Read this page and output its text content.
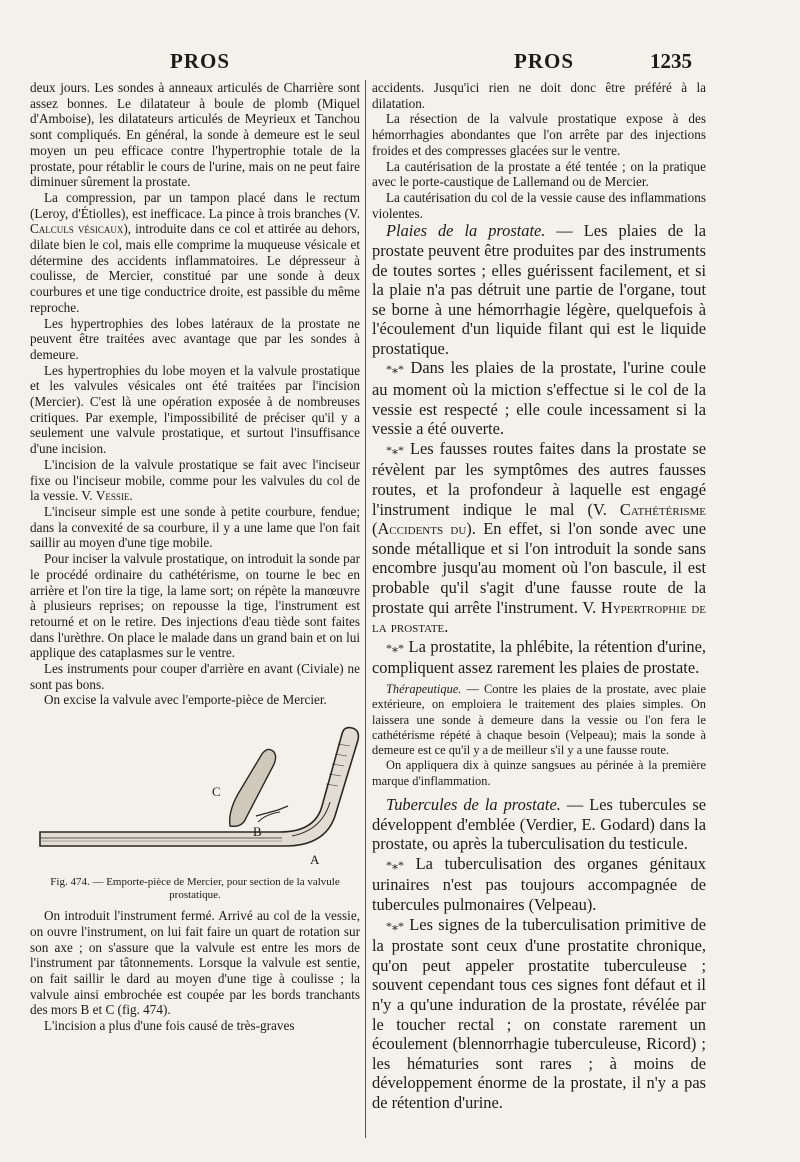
PROS	PROS	1235

deux jours. Les sondes à anneaux articulés de Charrière sont assez bonnes. Le dilatateur à boule de plomb (Miquel d'Amboise), les dilatateurs articulés de Meyrieux et Tanchou sont compliqués. En général, la sonde à demeure est le seul moyen un peu efficace contre l'hypertrophie totale de la prostate, pour rétablir le cours de l'urine, mais on ne peut faire diminuer sûrement la prostate.

La compression, par un tampon placé dans le rectum (Leroy, d'Étiolles), est inefficace. La pince à trois branches (V. Calculs vésicaux), introduite dans ce col et attirée au dehors, dilate bien le col, mais elle comprime la muqueuse vésicale et détermine des accidents inflammatoires. Le dépresseur à coulisse, de Mercier, constitué par une sonde à deux courbures et une tige conductrice droite, est passible du même reproche.

Les hypertrophies des lobes latéraux de la prostate ne peuvent être traitées avec avantage que par les sondes à demeure.

Les hypertrophies du lobe moyen et la valvule prostatique et les valvules vésicales ont été traitées par l'incision (Mercier). C'est là une opération exposée à de nombreuses critiques. Par exemple, l'impossibilité de préciser qu'il y a seulement une valvule prostatique, et surtout l'insuffisance d'une incision.

L'incision de la valvule prostatique se fait avec l'inciseur fixe ou l'inciseur mobile, comme pour les valvules du col de la vessie. V. Vessie.

L'inciseur simple est une sonde à petite courbure, fendue; dans la convexité de sa courbure, il y a une lame que l'on fait saillir au moyen d'une tige mobile.

Pour inciser la valvule prostatique, on introduit la sonde par le procédé ordinaire du cathétérisme, on tourne le bec en arrière et l'on tire la tige, la lame sort; on répète la manœuvre à plusieurs reprises; on repousse la tige, l'instrument est retourné et on le retire. Des injections d'eau tiède sont faites dans l'urèthre. On place le malade dans un grand bain et on lui applique des cataplasmes sur le ventre.

Les instruments pour couper d'arrière en avant (Civiale) ne sont pas bons.

On excise la valvule avec l'emporte-pièce de Mercier.

C
B
A
Fig. 474. — Emporte-pièce de Mercier, pour section de la valvule prostatique.

On introduit l'instrument fermé. Arrivé au col de la vessie, on ouvre l'instrument, on lui fait faire un quart de rotation sur son axe ; on s'assure que la valvule est entre les mors de l'instrument par tâtonnements. Lorsque la valvule est sentie, on fait saillir le dard au moyen d'une tige à coulisse ; la valvule ainsi embrochée est coupée par les bords tranchants des mors B et C (fig. 474).

L'incision a plus d'une fois causé de très-graves

accidents. Jusqu'ici rien ne doit donc être préféré à la dilatation.

La résection de la valvule prostatique expose à des hémorrhagies abondantes que l'on arrête par des injections froides et des compresses glacées sur le ventre.

La cautérisation de la prostate a été tentée ; on la pratique avec le porte-caustique de Lallemand ou de Mercier.

La cautérisation du col de la vessie cause des inflammations violentes.

Plaies de la prostate. — Les plaies de la prostate peuvent être produites par des instruments de toutes sortes ; elles guérissent facilement, et si la plaie n'a pas détruit une partie de l'organe, tout se borne à une hémorrhagie légère, quelquefois à l'écoulement d'un liquide filant qui est le liquide prostatique.

*⁎* Dans les plaies de la prostate, l'urine coule au moment où la miction s'effectue si le col de la vessie est respecté ; elle coule incessament si la vessie a été ouverte.

*⁎* Les fausses routes faites dans la prostate se révèlent par les symptômes des autres fausses routes, et la profondeur à laquelle est engagé l'instrument indique le mal (V. Cathétérisme (Accidents du). En effet, si l'on sonde avec une sonde métallique et si l'on introduit la sonde sans encombre jusqu'au moment où l'on bascule, il est probable qu'il s'agit d'une fausse route de la prostate qui arrête l'instrument. V. Hypertrophie de la prostate.

*⁎* La prostatite, la phlébite, la rétention d'urine, compliquent assez rarement les plaies de prostate.

Thérapeutique. — Contre les plaies de la prostate, avec plaie extérieure, on emploiera le traitement des plaies simples. On laissera une sonde à demeure dans la vessie ou l'on fera le cathétérisme répété à chaque besoin (Velpeau); mais la sonde à demeure est ce qu'il y a de meilleur s'il y a une fausse route.

On appliquera dix à quinze sangsues au périnée à la première marque d'inflammation.

Tubercules de la prostate. — Les tubercules se développent d'emblée (Verdier, E. Godard) dans la prostate, ou après la tuberculisation du testicule.

*⁎* La tuberculisation des organes génitaux urinaires n'est pas toujours accompagnée de tubercules pulmonaires (Velpeau).

*⁎* Les signes de la tuberculisation primitive de la prostate sont ceux d'une prostatite chronique, qu'on peut appeler prostatite tuberculeuse ; souvent cependant tous ces signes font défaut et il n'y a qu'une induration de la prostate, révélée par le toucher rectal ; on constate rarement un écoulement (blennorrhagie tuberculeuse, Ricord) ; les hématuries sont rares ; à moins de développement énorme de la prostate, il n'y a pas de rétention d'urine.
